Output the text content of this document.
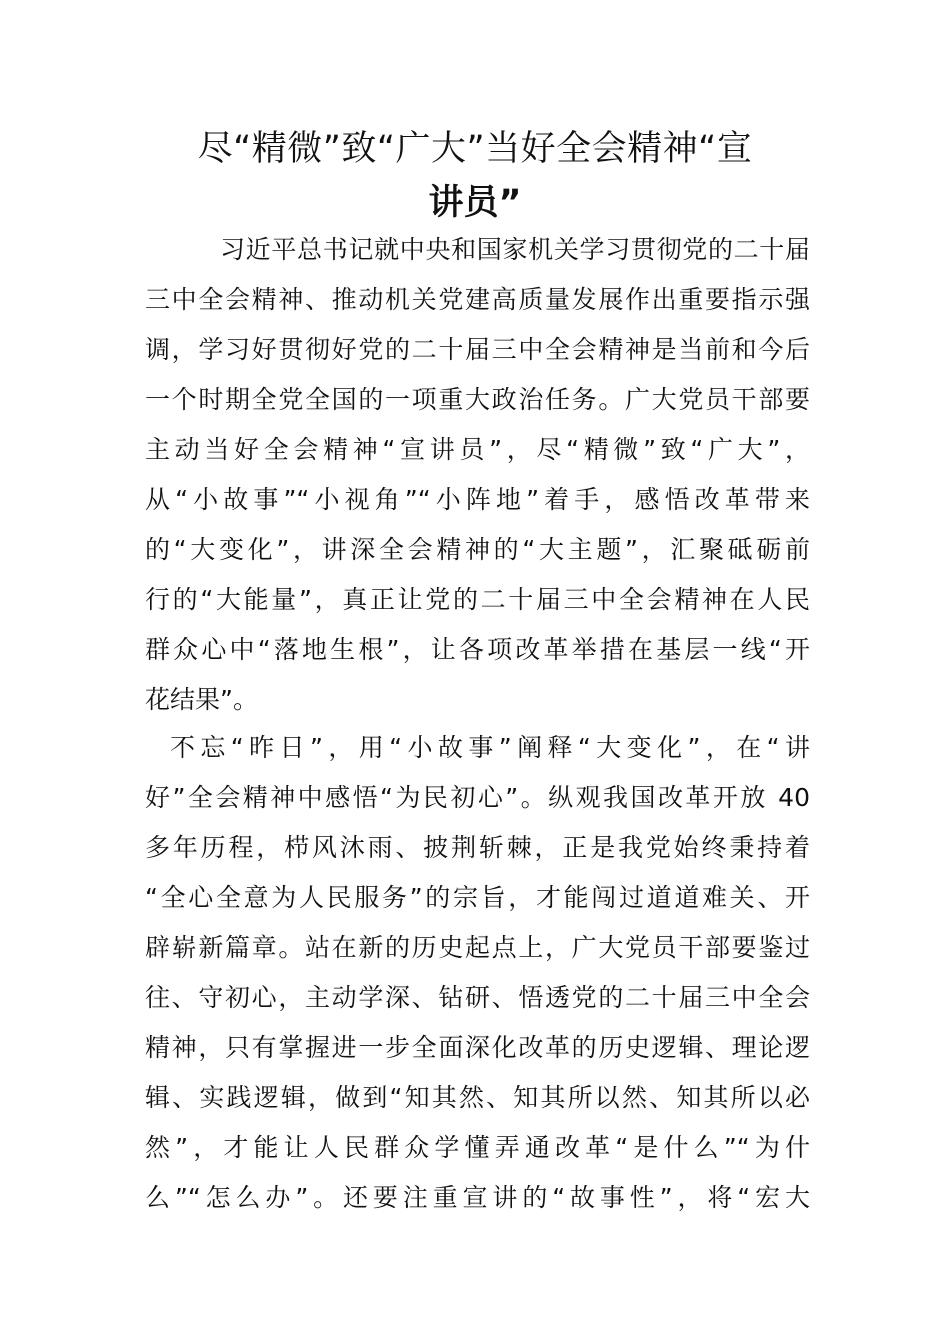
尽“精微”致“广大”当好全会精神“宣
讲员”

习近平总书记就中央和国家机关学习贯彻党的二十届

三中全会精神、推动机关党建高质量发展作出重要指示强

调，学习好贯彻好党的二十届三中全会精神是当前和今后

一个时期全党全国的一项重大政治任务。广大党员干部要

主动当好全会精神“宣讲员”，尽“精微”致“广大”，

从“小故事”“小视角”“小阵地”着手，感悟改革带来

的“大变化”，讲深全会精神的“大主题”，汇聚砥砺前

行的“大能量”，真正让党的二十届三中全会精神在人民

群众心中“落地生根”，让各项改革举措在基层一线“开

花结果”。

不忘“昨日”，用“小故事”阐释“大变化”，在“讲

好”全会精神中感悟“为民初心”。纵观我国改革开放 40

多年历程，栉风沐雨、披荆斩棘，正是我党始终秉持着

“全心全意为人民服务”的宗旨，才能闯过道道难关、开

辟崭新篇章。站在新的历史起点上，广大党员干部要鉴过

往、守初心，主动学深、钻研、悟透党的二十届三中全会

精神，只有掌握进一步全面深化改革的历史逻辑、理论逻

辑、实践逻辑，做到“知其然、知其所以然、知其所以必

然”，才能让人民群众学懂弄通改革“是什么”“为什

么”“怎么办”。还要注重宣讲的“故事性”，将“宏大
